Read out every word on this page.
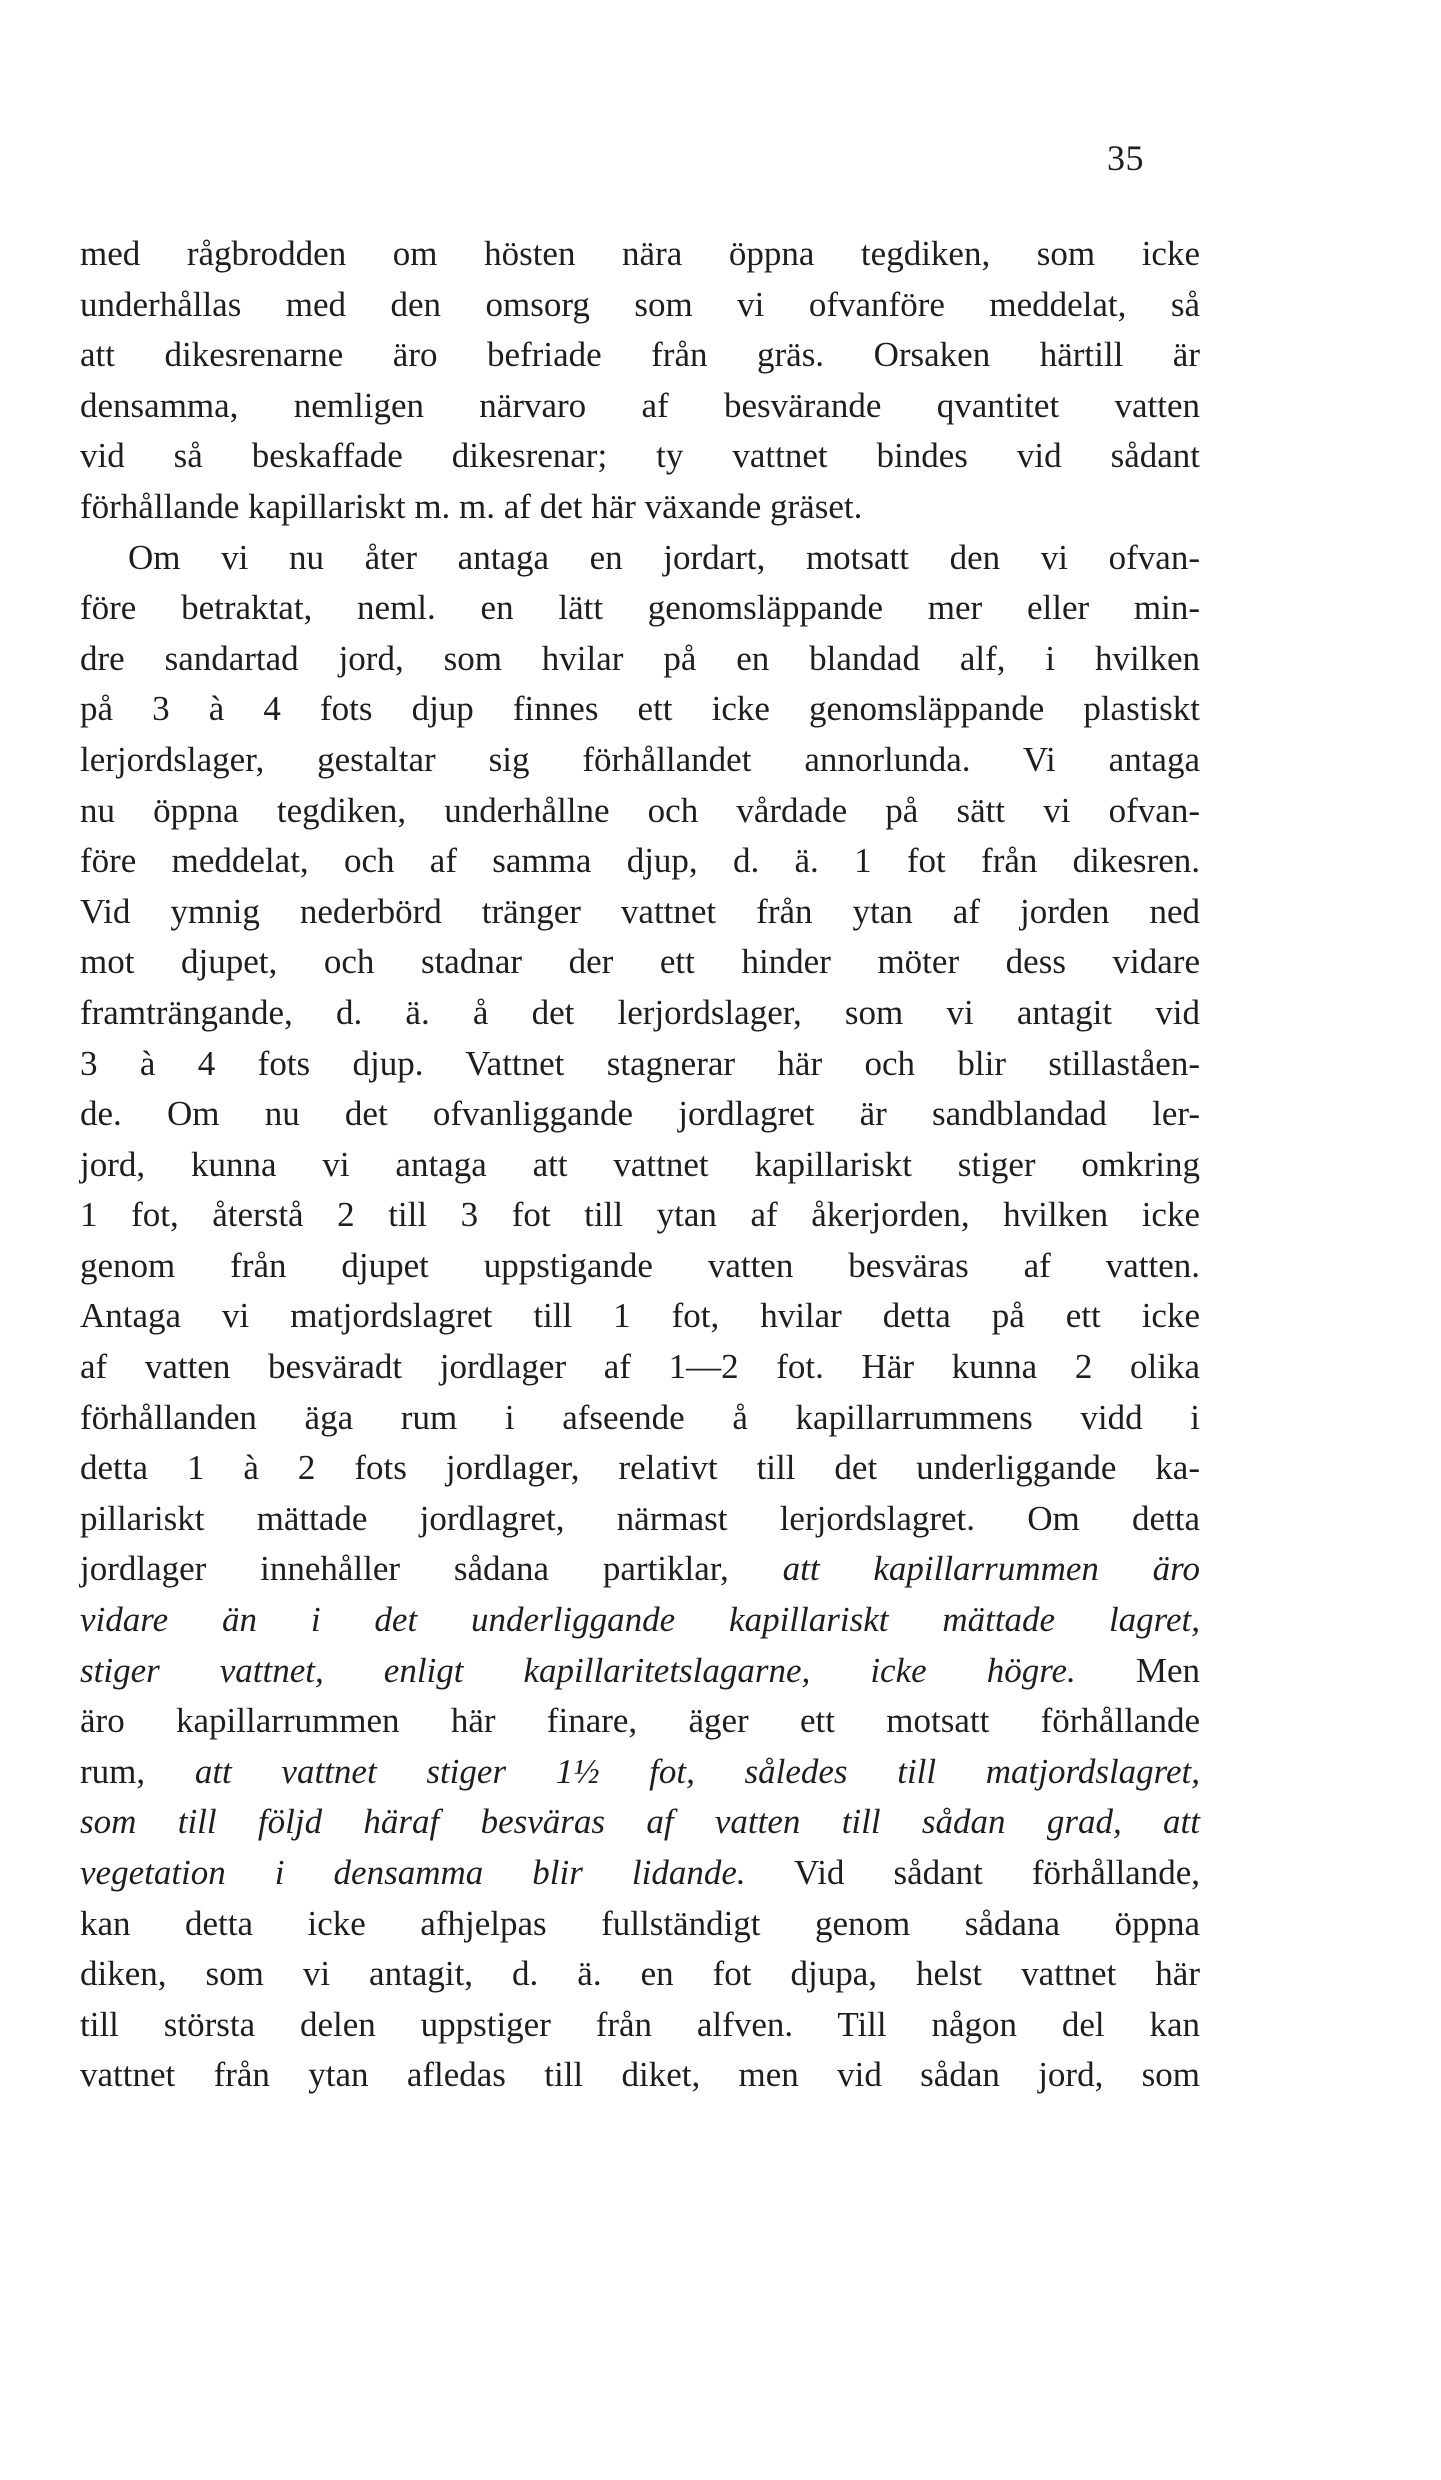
35
med rågbrodden om hösten nära öppna tegdiken, som icke
underhållas med den omsorg som vi ofvanföre meddelat, så
att dikesrenarne äro befriade från gräs. Orsaken härtill är
densamma, nemligen närvaro af besvärande qvantitet vatten
vid så beskaffade dikesrenar; ty vattnet bindes vid sådant
förhållande kapillariskt m. m. af det här växande gräset.
Om vi nu åter antaga en jordart, motsatt den vi ofvan-
före betraktat, neml. en lätt genomsläppande mer eller min-
dre sandartad jord, som hvilar på en blandad alf, i hvilken
på 3 à 4 fots djup finnes ett icke genomsläppande plastiskt
lerjordslager, gestaltar sig förhållandet annorlunda. Vi antaga
nu öppna tegdiken, underhållne och vårdade på sätt vi ofvan-
före meddelat, och af samma djup, d. ä. 1 fot från dikesren.
Vid ymnig nederbörd tränger vattnet från ytan af jorden ned
mot djupet, och stadnar der ett hinder möter dess vidare
framträngande, d. ä. å det lerjordslager, som vi antagit vid
3 à 4 fots djup. Vattnet stagnerar här och blir stillaståen-
de. Om nu det ofvanliggande jordlagret är sandblandad ler-
jord, kunna vi antaga att vattnet kapillariskt stiger omkring
1 fot, återstå 2 till 3 fot till ytan af åkerjorden, hvilken icke
genom från djupet uppstigande vatten besväras af vatten.
Antaga vi matjordslagret till 1 fot, hvilar detta på ett icke
af vatten besväradt jordlager af 1—2 fot. Här kunna 2 olika
förhållanden äga rum i afseende å kapillarrummens vidd i
detta 1 à 2 fots jordlager, relativt till det underliggande ka-
pillariskt mättade jordlagret, närmast lerjordslagret. Om detta
jordlager innehåller sådana partiklar, att kapillarrummen äro
vidare än i det underliggande kapillariskt mättade lagret,
stiger vattnet, enligt kapillaritetslagarne, icke högre. Men
äro kapillarrummen här finare, äger ett motsatt förhållande
rum, att vattnet stiger 1½ fot, således till matjordslagret,
som till följd häraf besväras af vatten till sådan grad, att
vegetation i densamma blir lidande. Vid sådant förhållande,
kan detta icke afhjelpas fullständigt genom sådana öppna
diken, som vi antagit, d. ä. en fot djupa, helst vattnet här
till största delen uppstiger från alfven. Till någon del kan
vattnet från ytan afledas till diket, men vid sådan jord, som
